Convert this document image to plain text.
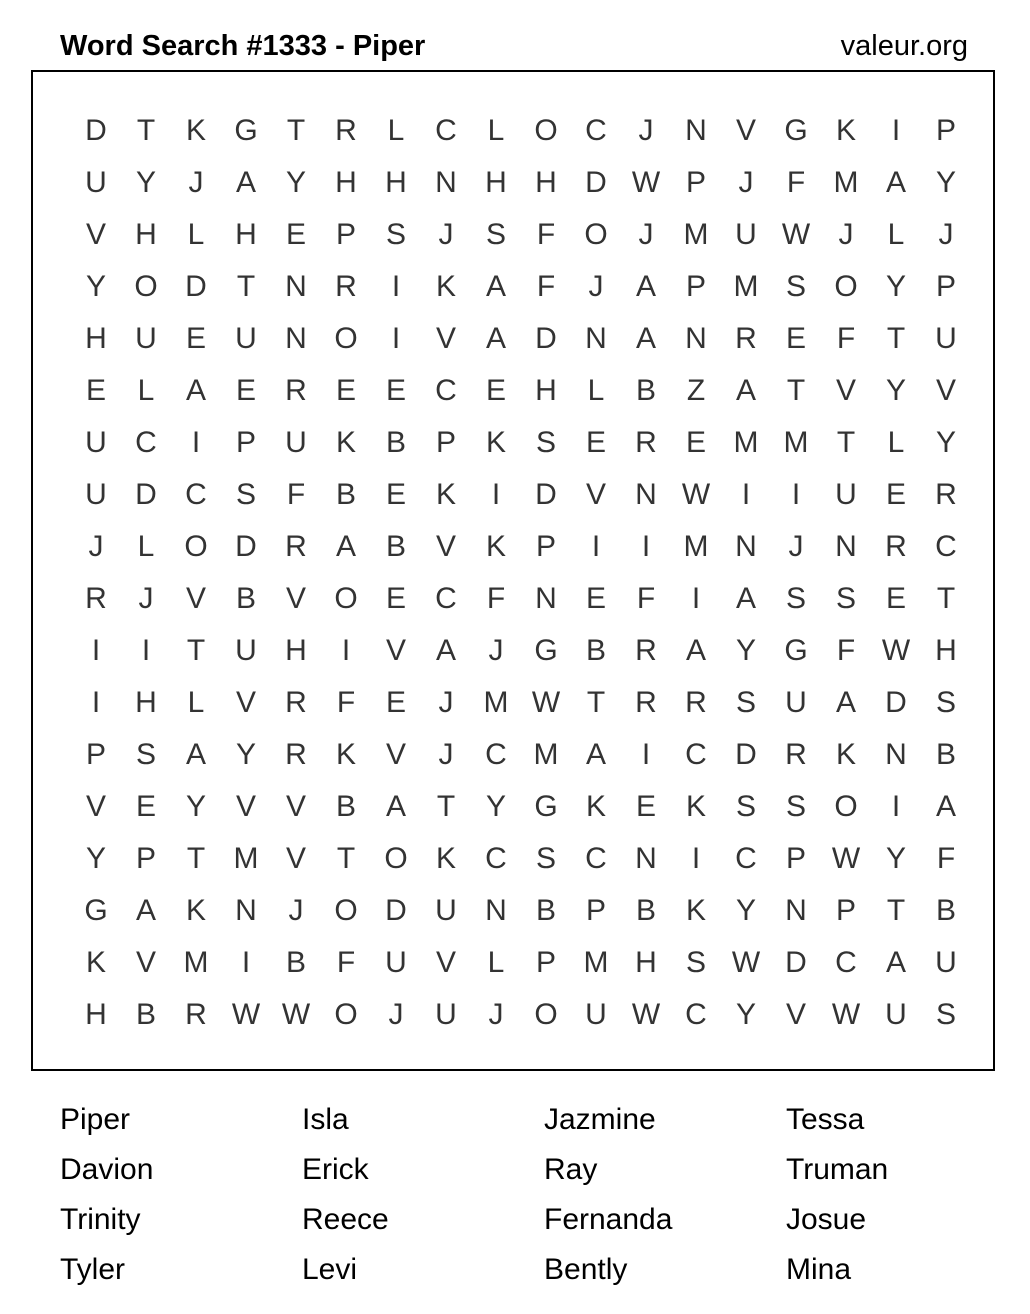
Word Search #1333 - Piper	valeur.org
D	T	K G T	R	L	C	L O C	J	N V G K	I	P
U Y	J	A Y H H N H H D W P	J	F M A Y
V H	L	H E P S	J	S	F O	J	M U W J	L	J
Y O D	T	N R	I	K A	F	J	A P M S O Y P
H U E U N O	I	V A D N A N R E	F	T	U
E	L	A E R E E C E H	L	B	Z	A	T	V Y V
U C	I	P U K B P K S E R E M M T	L	Y
U D C S	F	B E K	I	D V N W	I	I	U E R
J	L O D R A B V K P	I	I	M N	J	N R C
R	J	V B V O E C	F	N E	F	I	A S S E	T
I	I	T	U H	I	V A	J	G B R A Y G F W H
I	H	L	V R	F	E	J	M W T	R R S U A D S
P S A Y R K V	J	C M A	I	C D R K N B
V E Y V V B A	T	Y G K E K S S O	I	A
Y P	T M V	T O K C S C N	I	C P W Y	F
G A K N	J	O D U N B P B K Y N P	T	B
K V M	I	B	F	U V	L	P M H S W D C A U
H B R W W O	J	U	J	O U W C Y V W U S
Piper	Isla	Jazmine	Tessa
Davion	Erick	Ray	Truman
Trinity	Reece	Fernanda	Josue
Tyler	Levi	Bently	Mina
